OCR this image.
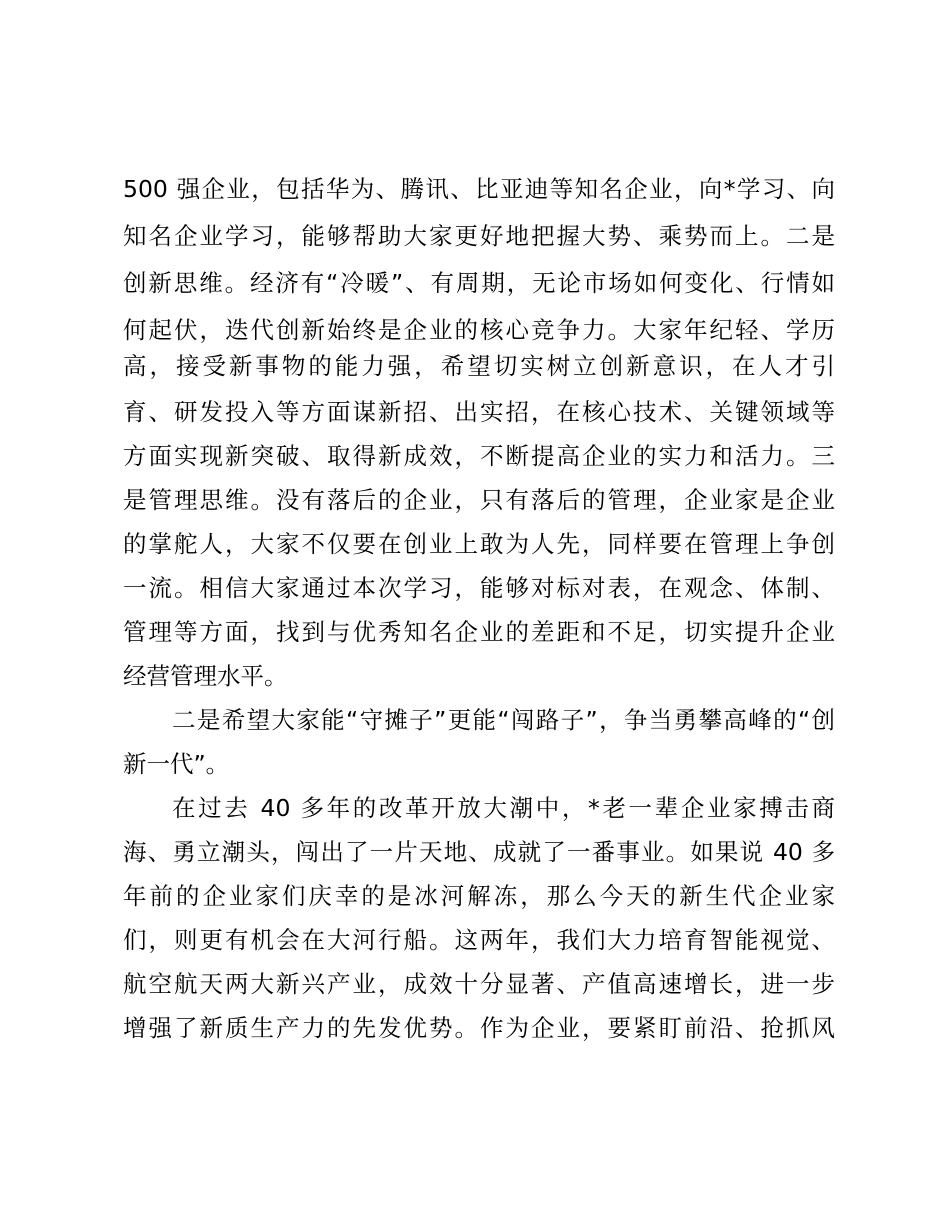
500 强企业，包括华为、腾讯、比亚迪等知名企业，向*学习、向
知名企业学习，能够帮助大家更好地把握大势、乘势而上。二是
创新思维。经济有“冷暖”、有周期，无论市场如何变化、行情如
何起伏，迭代创新始终是企业的核心竞争力。大家年纪轻、学历
高，接受新事物的能力强，希望切实树立创新意识，在人才引
育、研发投入等方面谋新招、出实招，在核心技术、关键领域等
方面实现新突破、取得新成效，不断提高企业的实力和活力。三
是管理思维。没有落后的企业，只有落后的管理，企业家是企业
的掌舵人，大家不仅要在创业上敢为人先，同样要在管理上争创
一流。相信大家通过本次学习，能够对标对表，在观念、体制、
管理等方面，找到与优秀知名企业的差距和不足，切实提升企业
经营管理水平。
二是希望大家能“守摊子”更能“闯路子”，争当勇攀高峰的“创
新一代”。
在过去 40 多年的改革开放大潮中，*老一辈企业家搏击商
海、勇立潮头，闯出了一片天地、成就了一番事业。如果说 40 多
年前的企业家们庆幸的是冰河解冻，那么今天的新生代企业家
们，则更有机会在大河行船。这两年，我们大力培育智能视觉、
航空航天两大新兴产业，成效十分显著、产值高速增长，进一步
增强了新质生产力的先发优势。作为企业，要紧盯前沿、抢抓风
